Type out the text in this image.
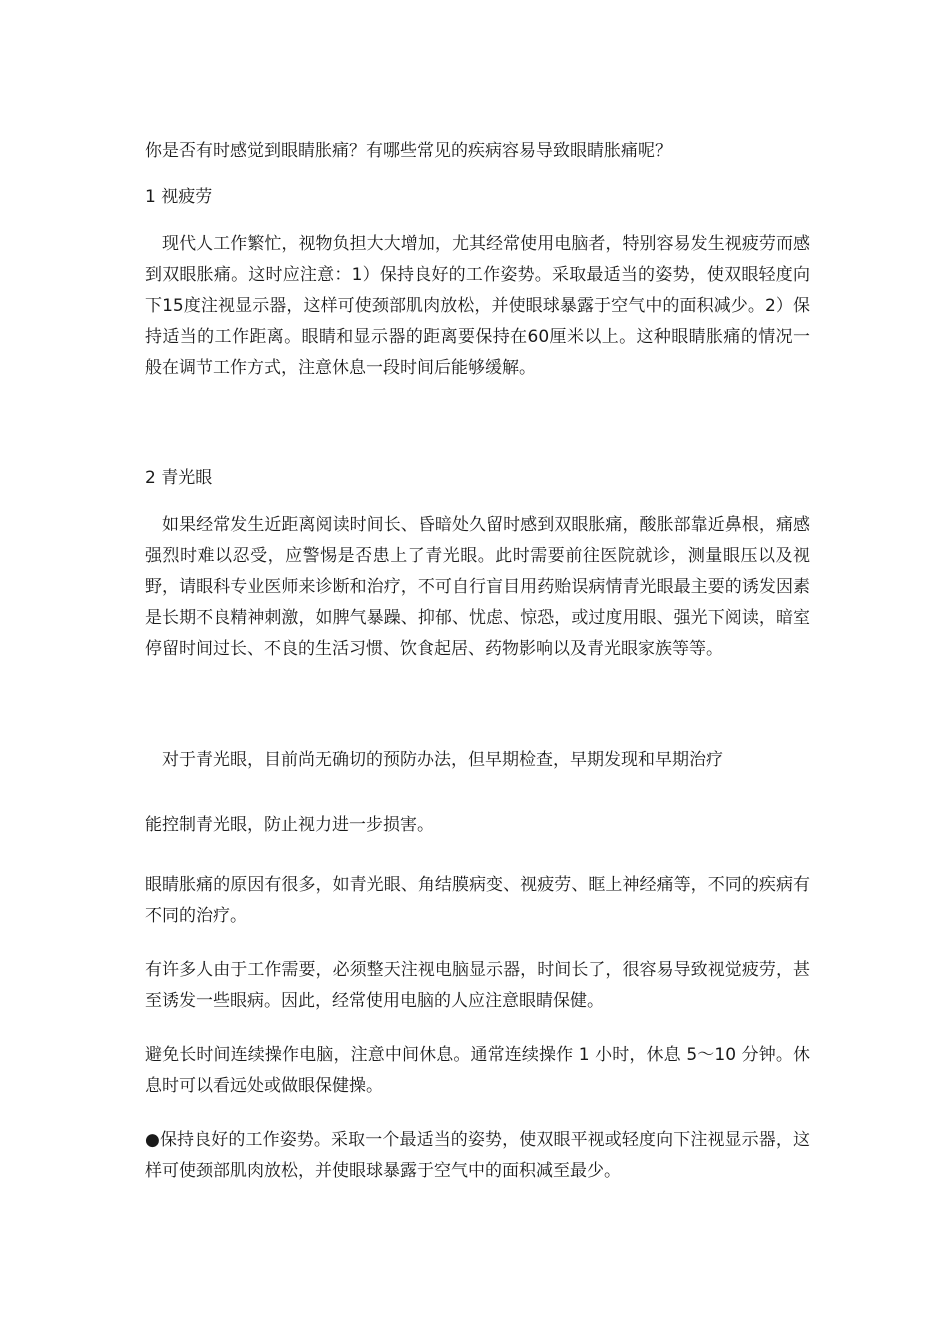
你是否有时感觉到眼睛胀痛？有哪些常见的疾病容易导致眼睛胀痛呢？

1 视疲劳

　现代人工作繁忙，视物负担大大增加，尤其经常使用电脑者，特别容易发生视疲劳而感到双眼胀痛。这时应注意：1）保持良好的工作姿势。采取最适当的姿势，使双眼轻度向下15度注视显示器，这样可使颈部肌肉放松，并使眼球暴露于空气中的面积减少。2）保持适当的工作距离。眼睛和显示器的距离要保持在60厘米以上。这种眼睛胀痛的情况一般在调节工作方式，注意休息一段时间后能够缓解。

2 青光眼

　如果经常发生近距离阅读时间长、昏暗处久留时感到双眼胀痛，酸胀部靠近鼻根，痛感强烈时难以忍受，应警惕是否患上了青光眼。此时需要前往医院就诊，测量眼压以及视野，请眼科专业医师来诊断和治疗，不可自行盲目用药贻误病情青光眼最主要的诱发因素是长期不良精神刺激，如脾气暴躁、抑郁、忧虑、惊恐，或过度用眼、强光下阅读，暗室停留时间过长、不良的生活习惯、饮食起居、药物影响以及青光眼家族等等。

　对于青光眼，目前尚无确切的预防办法，但早期检查，早期发现和早期治疗

能控制青光眼，防止视力进一步损害。

眼睛胀痛的原因有很多，如青光眼、角结膜病变、视疲劳、眶上神经痛等，不同的疾病有不同的治疗。

有许多人由于工作需要，必须整天注视电脑显示器，时间长了，很容易导致视觉疲劳，甚至诱发一些眼病。因此，经常使用电脑的人应注意眼睛保健。

避免长时间连续操作电脑，注意中间休息。通常连续操作 1 小时，休息 5～10 分钟。休息时可以看远处或做眼保健操。

●保持良好的工作姿势。采取一个最适当的姿势，使双眼平视或轻度向下注视显示器，这样可使颈部肌肉放松，并使眼球暴露于空气中的面积减至最少。
